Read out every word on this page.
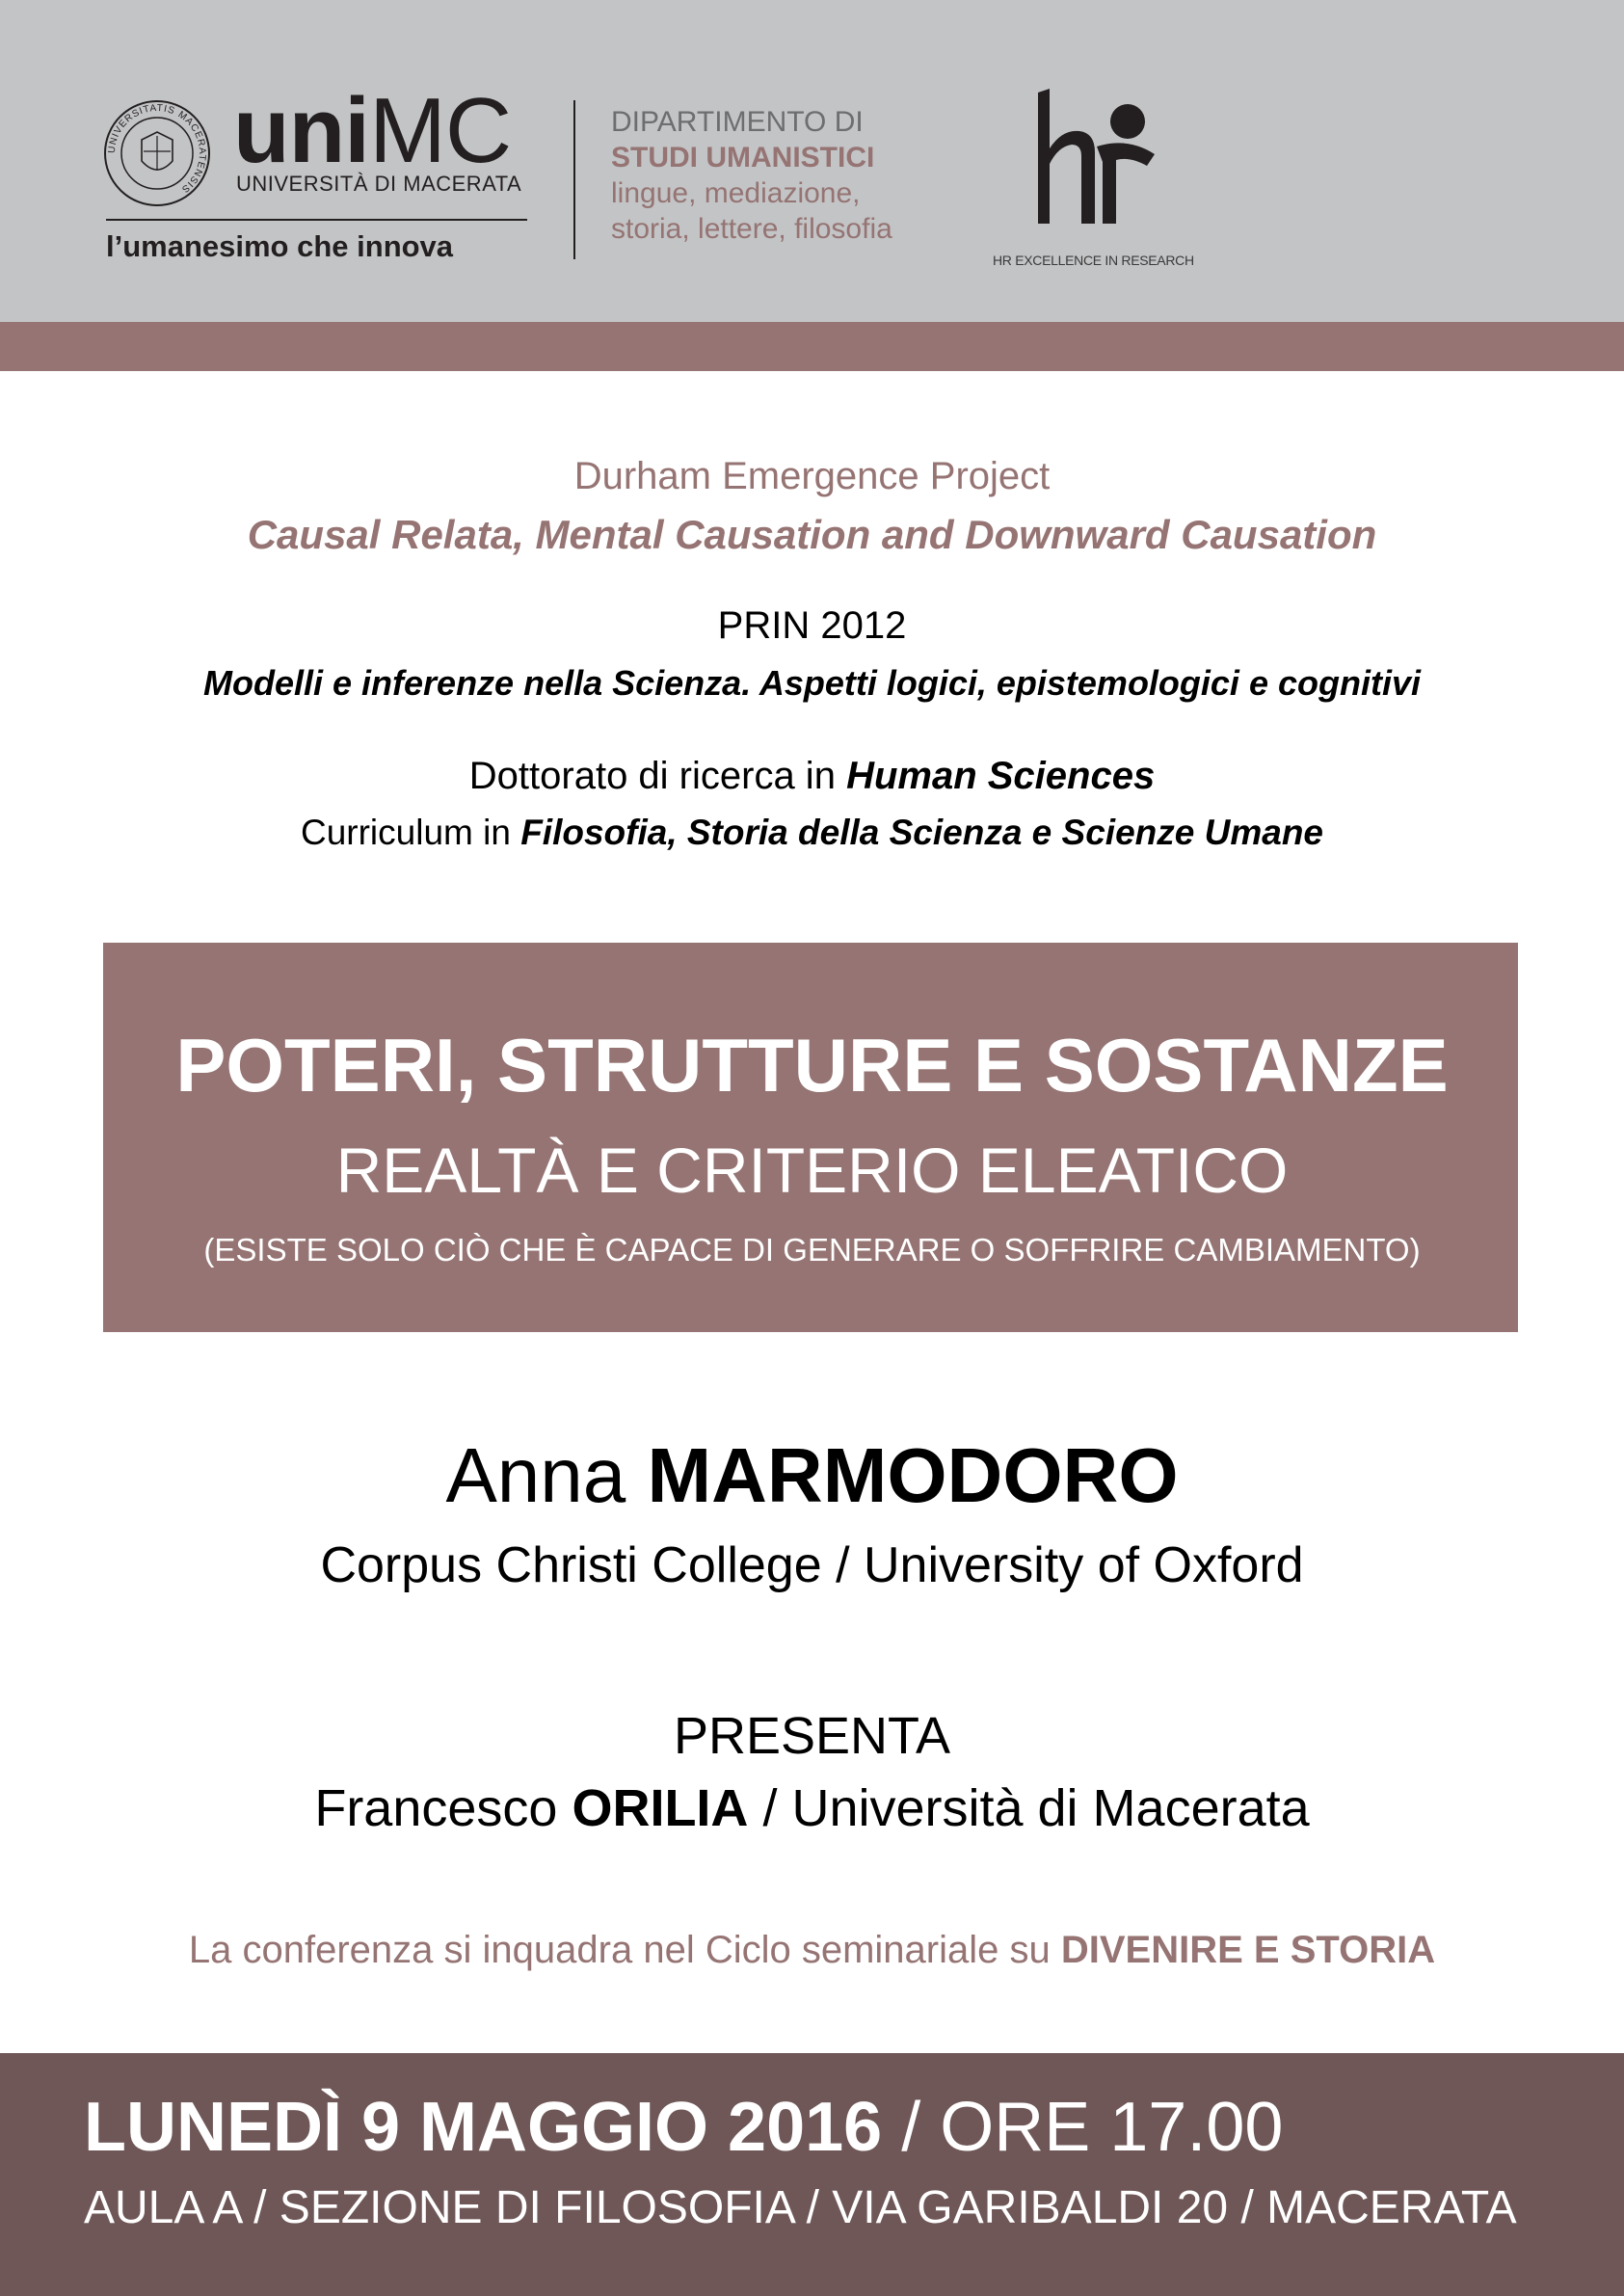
UNIVERSITATIS MACERATENSIS
uniMC
UNIVERSITÀ DI MACERATA
l’umanesimo che innova
DIPARTIMENTO DI
STUDI UMANISTICI
lingue, mediazione,
storia, lettere, filosofia
HR EXCELLENCE IN RESEARCH
Durham Emergence Project
Causal Relata, Mental Causation and Downward Causation
PRIN 2012
Modelli e inferenze nella Scienza. Aspetti logici, epistemologici e cognitivi
Dottorato di ricerca in Human Sciences
Curriculum in Filosofia, Storia della Scienza e Scienze Umane
POTERI, STRUTTURE E SOSTANZE
REALTÀ E CRITERIO ELEATICO
(ESISTE SOLO CIÒ CHE È CAPACE DI GENERARE O SOFFRIRE CAMBIAMENTO)
Anna MARMODORO
Corpus Christi College / University of Oxford
PRESENTA
Francesco ORILIA / Università di Macerata
La conferenza si inquadra nel Ciclo seminariale su DIVENIRE E STORIA
LUNEDÌ 9 MAGGIO 2016 / ORE 17.00
AULA A / SEZIONE DI FILOSOFIA / VIA GARIBALDI 20 / MACERATA
